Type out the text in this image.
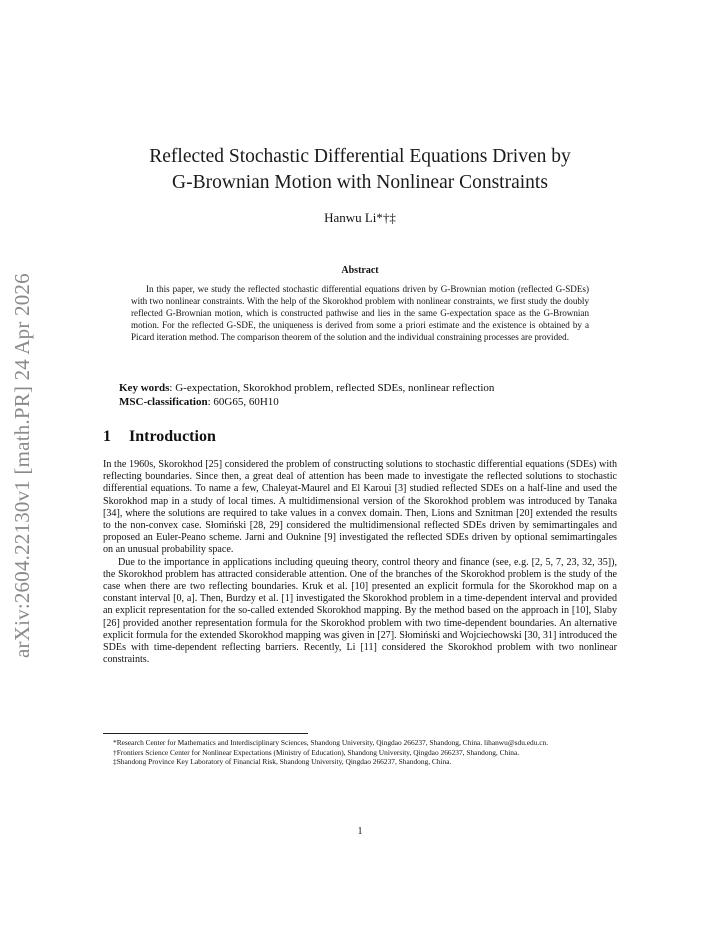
arXiv:2604.22130v1 [math.PR] 24 Apr 2026
Reflected Stochastic Differential Equations Driven by
G-Brownian Motion with Nonlinear Constraints
Hanwu Li*†‡
Abstract

In this paper, we study the reflected stochastic differential equations driven by G-Brownian motion (reflected G-SDEs) with two nonlinear constraints. With the help of the Skorokhod problem with nonlinear constraints, we first study the doubly reflected G-Brownian motion, which is constructed pathwise and lies in the same G-expectation space as the G-Brownian motion. For the reflected G-SDE, the uniqueness is derived from some a priori estimate and the existence is obtained by a Picard iteration method. The comparison theorem of the solution and the individual constraining processes are provided.

Key words: G-expectation, Skorokhod problem, reflected SDEs, nonlinear reflection
MSC-classification: 60G65, 60H10
1 Introduction

In the 1960s, Skorokhod [25] considered the problem of constructing solutions to stochastic differential equations (SDEs) with reflecting boundaries. Since then, a great deal of attention has been made to investigate the reflected solutions to stochastic differential equations. To name a few, Chaleyat-Maurel and El Karoui [3] studied reflected SDEs on a half-line and used the Skorokhod map in a study of local times. A multidimensional version of the Skorokhod problem was introduced by Tanaka [34], where the solutions are required to take values in a convex domain. Then, Lions and Sznitman [20] extended the results to the non-convex case. Słomiński [28, 29] considered the multidimensional reflected SDEs driven by semimartingales and proposed an Euler-Peano scheme. Jarni and Ouknine [9] investigated the reflected SDEs driven by optional semimartingales on an unusual probability space.

Due to the importance in applications including queuing theory, control theory and finance (see, e.g. [2, 5, 7, 23, 32, 35]), the Skorokhod problem has attracted considerable attention. One of the branches of the Skorokhod problem is the study of the case when there are two reflecting boundaries. Kruk et al. [10] presented an explicit formula for the Skorokhod map on a constant interval [0, a]. Then, Burdzy et al. [1] investigated the Skorokhod problem in a time-dependent interval and provided an explicit representation for the so-called extended Skorokhod mapping. By the method based on the approach in [10], Slaby [26] provided another representation formula for the Skorokhod problem with two time-dependent boundaries. An alternative explicit formula for the extended Skorokhod mapping was given in [27]. Słomiński and Wojciechowski [30, 31] introduced the SDEs with time-dependent reflecting barriers. Recently, Li [11] considered the Skorokhod problem with two nonlinear constraints.

*Research Center for Mathematics and Interdisciplinary Sciences, Shandong University, Qingdao 266237, Shandong, China. lihanwu@sdu.edu.cn.

†Frontiers Science Center for Nonlinear Expectations (Ministry of Education), Shandong University, Qingdao 266237, Shandong, China.

‡Shandong Province Key Laboratory of Financial Risk, Shandong University, Qingdao 266237, Shandong, China.

1
